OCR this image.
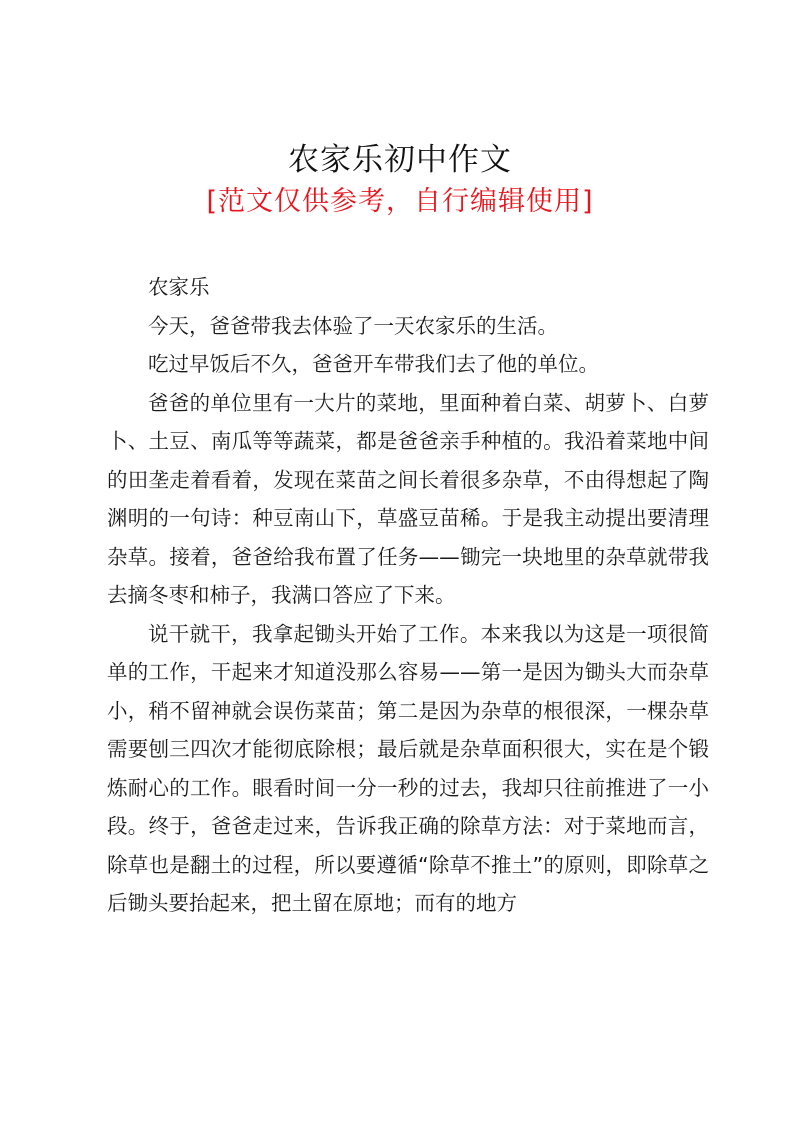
农家乐初中作文
[范文仅供参考，自行编辑使用]

农家乐

今天，爸爸带我去体验了一天农家乐的生活。

吃过早饭后不久，爸爸开车带我们去了他的单位。

爸爸的单位里有一大片的菜地，里面种着白菜、胡萝卜、白萝卜、土豆、南瓜等等蔬菜，都是爸爸亲手种植的。我沿着菜地中间的田垄走着看着，发现在菜苗之间长着很多杂草，不由得想起了陶渊明的一句诗：种豆南山下，草盛豆苗稀。于是我主动提出要清理杂草。接着，爸爸给我布置了任务——锄完一块地里的杂草就带我去摘冬枣和柿子，我满口答应了下来。

说干就干，我拿起锄头开始了工作。本来我以为这是一项很简单的工作，干起来才知道没那么容易——第一是因为锄头大而杂草小，稍不留神就会误伤菜苗；第二是因为杂草的根很深，一棵杂草需要刨三四次才能彻底除根；最后就是杂草面积很大，实在是个锻炼耐心的工作。眼看时间一分一秒的过去，我却只往前推进了一小段。终于，爸爸走过来，告诉我正确的除草方法：对于菜地而言，除草也是翻土的过程，所以要遵循“除草不推土”的原则，即除草之后锄头要抬起来，把土留在原地；而有的地方
